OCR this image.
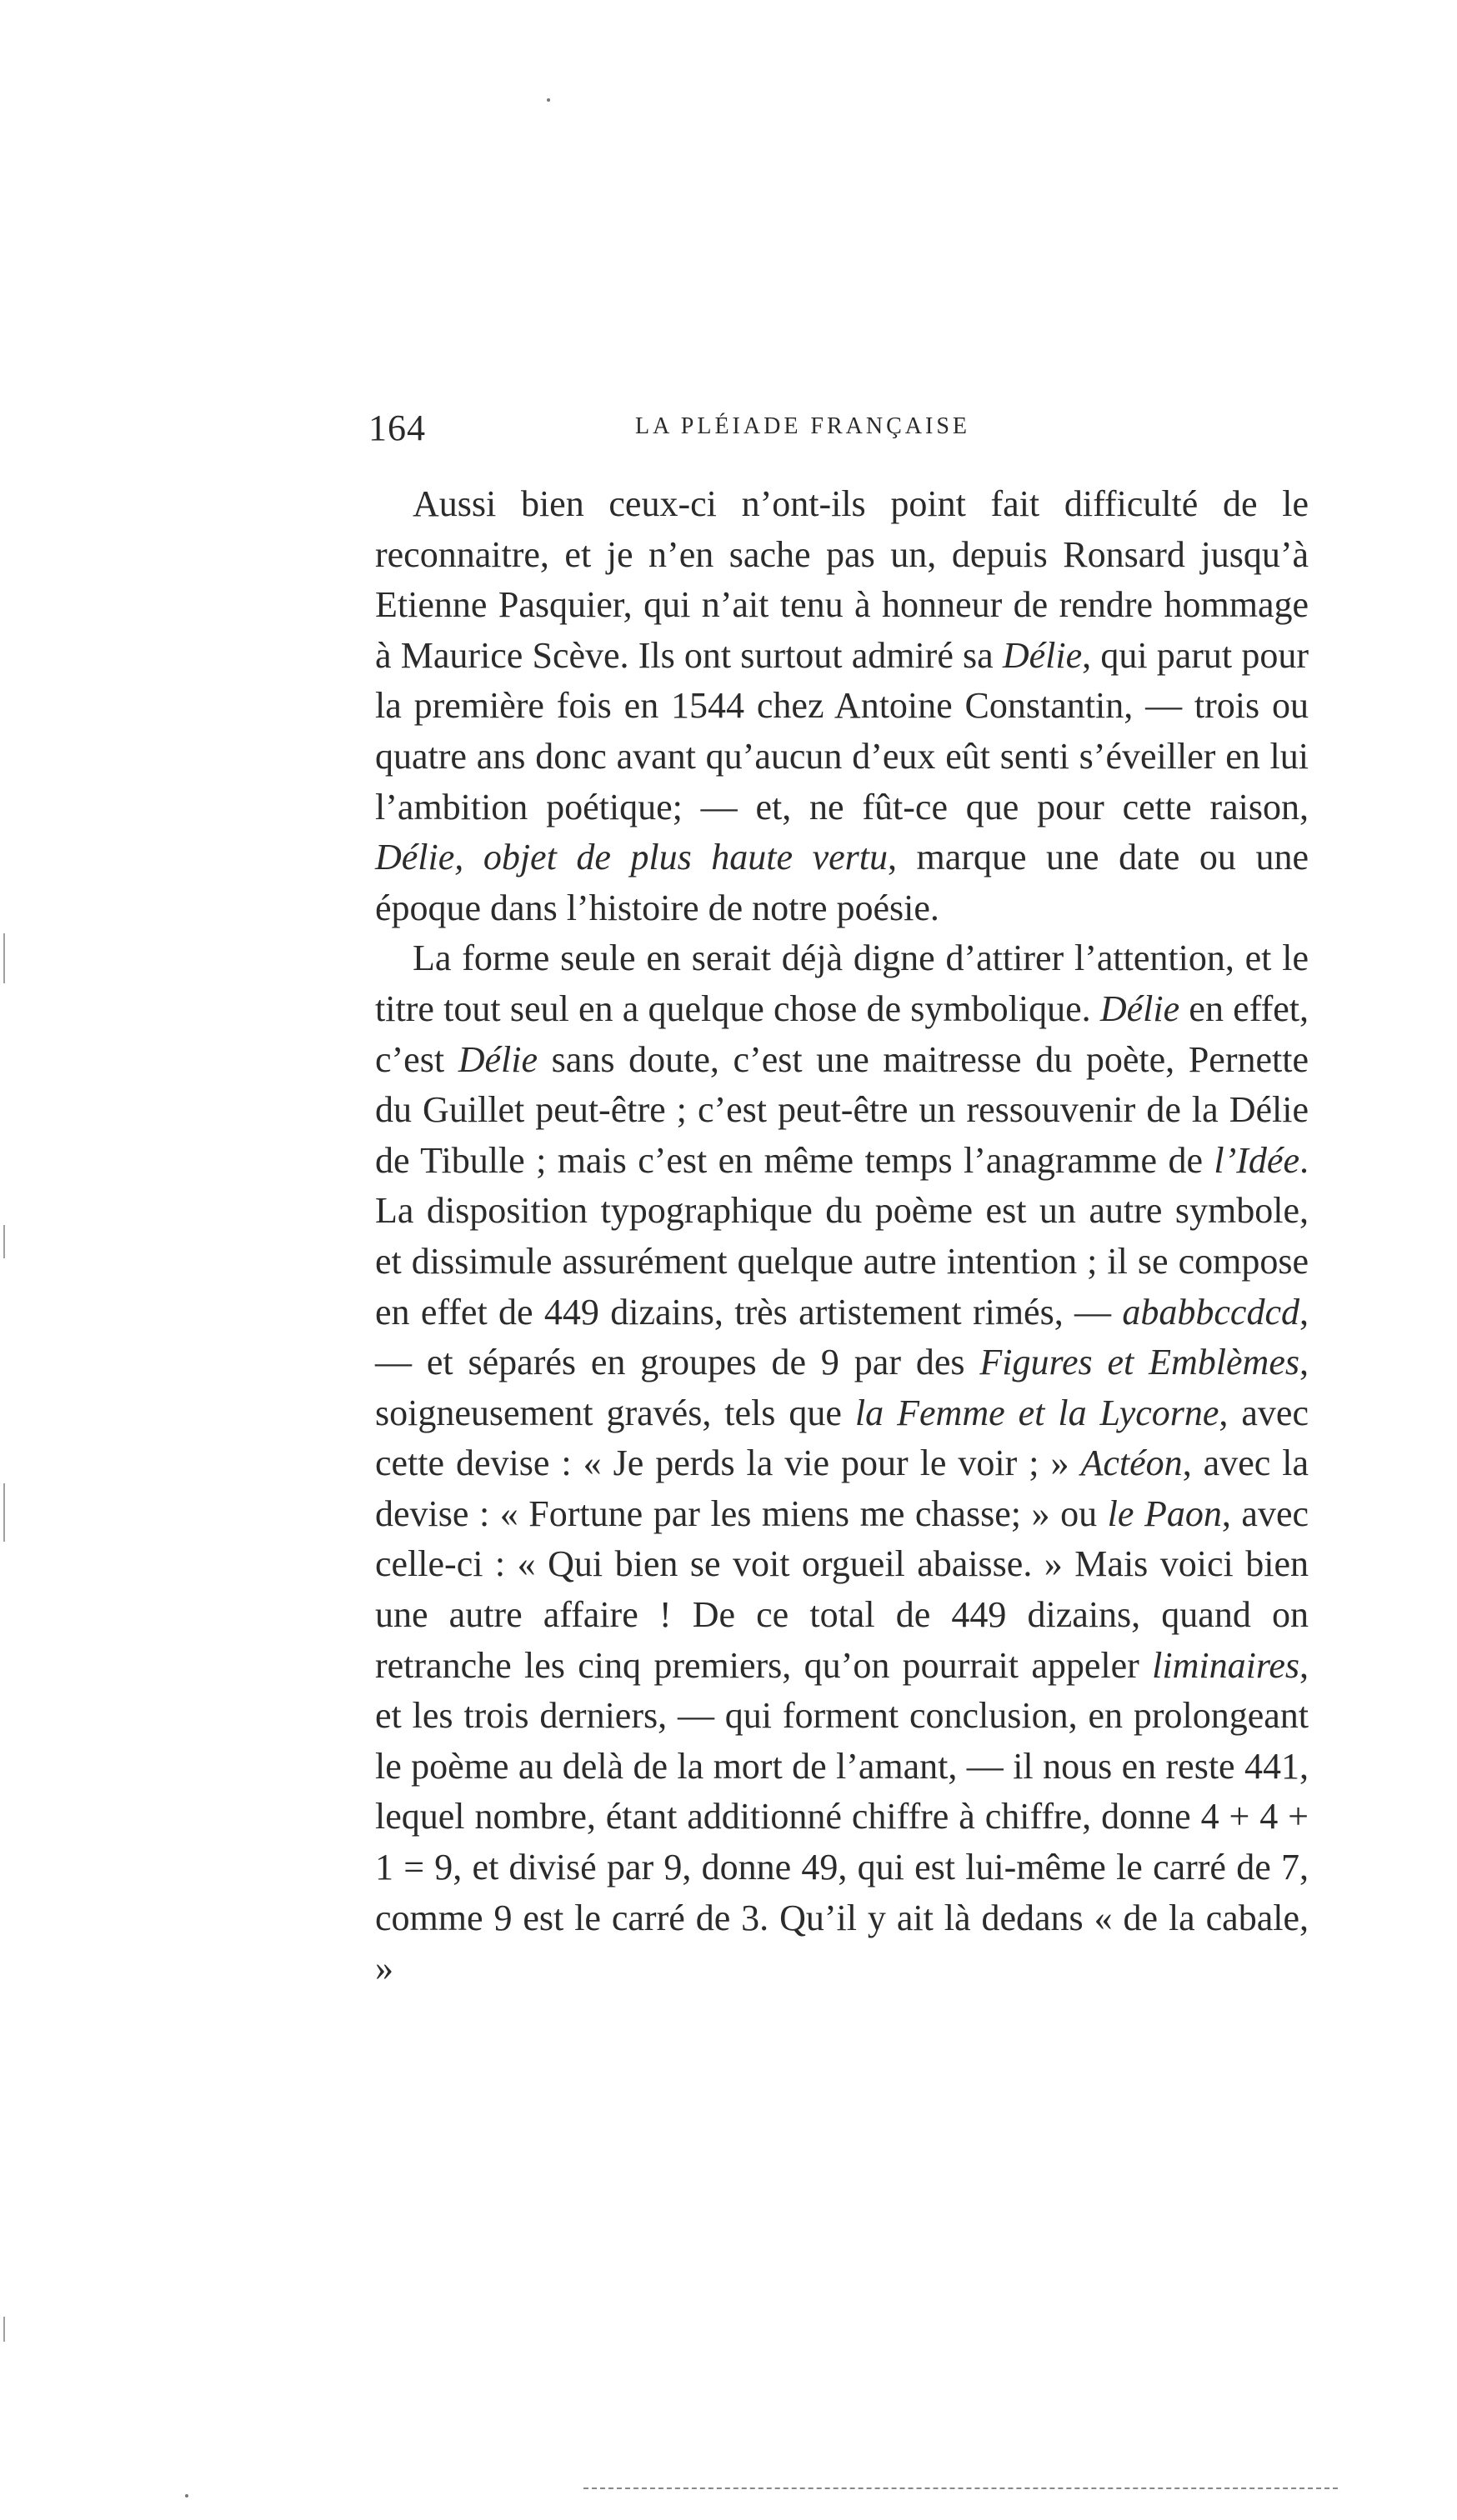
164	LA PLÉIADE FRANÇAISE

Aussi bien ceux-ci n’ont-ils point fait difficulté de le reconnaitre, et je n’en sache pas un, depuis Ronsard jusqu’à Etienne Pasquier, qui n’ait tenu à honneur de rendre hommage à Maurice Scève. Ils ont surtout admiré sa Délie, qui parut pour la première fois en 1544 chez Antoine Constantin, — trois ou quatre ans donc avant qu’aucun d’eux eût senti s’éveiller en lui l’ambition poétique; — et, ne fût-ce que pour cette raison, Délie, objet de plus haute vertu, marque une date ou une époque dans l’histoire de notre poésie.

La forme seule en serait déjà digne d’attirer l’attention, et le titre tout seul en a quelque chose de symbolique. Délie en effet, c’est Délie sans doute, c’est une maitresse du poète, Pernette du Guillet peut-être ; c’est peut-être un ressouvenir de la Délie de Tibulle ; mais c’est en même temps l’anagramme de l’Idée. La disposition typographique du poème est un autre symbole, et dissimule assurément quelque autre intention ; il se compose en effet de 449 dizains, très artistement rimés, — ababbccdcd, — et séparés en groupes de 9 par des Figures et Emblèmes, soigneusement gravés, tels que la Femme et la Lycorne, avec cette devise : « Je perds la vie pour le voir ; » Actéon, avec la devise : « Fortune par les miens me chasse; » ou le Paon, avec celle-ci : « Qui bien se voit orgueil abaisse. » Mais voici bien une autre affaire ! De ce total de 449 dizains, quand on retranche les cinq premiers, qu’on pourrait appeler liminaires, et les trois derniers, — qui forment conclusion, en prolongeant le poème au delà de la mort de l’amant, — il nous en reste 441, lequel nombre, étant additionné chiffre à chiffre, donne 4 + 4 + 1 = 9, et divisé par 9, donne 49, qui est lui-même le carré de 7, comme 9 est le carré de 3. Qu’il y ait là dedans « de la cabale, »
